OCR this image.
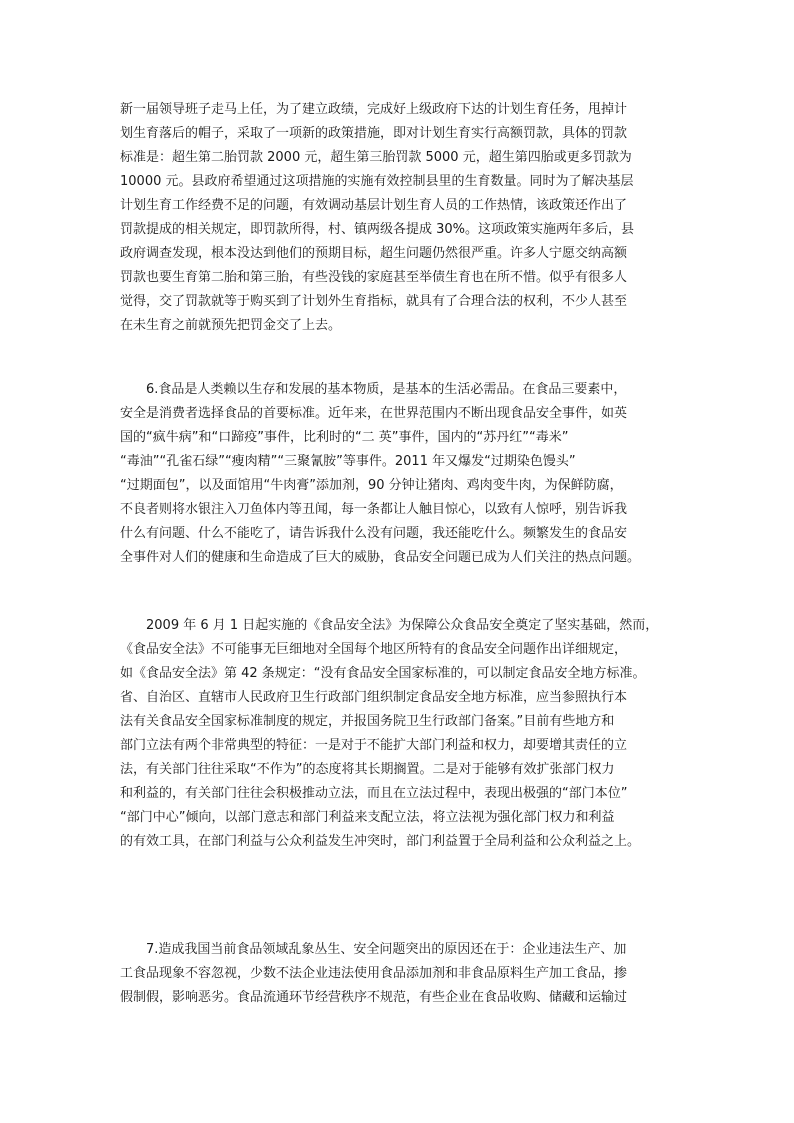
新一届领导班子走马上任，为了建立政绩，完成好上级政府下达的计划生育任务，甩掉计
划生育落后的帽子，采取了一项新的政策措施，即对计划生育实行高额罚款，具体的罚款
标准是：超生第二胎罚款 2000 元，超生第三胎罚款 5000 元，超生第四胎或更多罚款为
10000 元。县政府希望通过这项措施的实施有效控制县里的生育数量。同时为了解决基层
计划生育工作经费不足的问题，有效调动基层计划生育人员的工作热情，该政策还作出了
罚款提成的相关规定，即罚款所得，村、镇两级各提成 30%。这项政策实施两年多后，县
政府调查发现，根本没达到他们的预期目标，超生问题仍然很严重。许多人宁愿交纳高额
罚款也要生育第二胎和第三胎，有些没钱的家庭甚至举债生育也在所不惜。似乎有很多人
觉得，交了罚款就等于购买到了计划外生育指标，就具有了合理合法的权利，不少人甚至
在未生育之前就预先把罚金交了上去。
6.食品是人类赖以生存和发展的基本物质，是基本的生活必需品。在食品三要素中，
安全是消费者选择食品的首要标准。近年来，在世界范围内不断出现食品安全事件，如英
国的“疯牛病”和“口蹄疫”事件，比利时的“二 英”事件，国内的“苏丹红”“毒米”
“毒油”“孔雀石绿”“瘦肉精”“三聚氰胺”等事件。2011 年又爆发“过期染色馒头”
“过期面包”，以及面馆用“牛肉膏”添加剂，90 分钟让猪肉、鸡肉变牛肉，为保鲜防腐，
不良者则将水银注入刀鱼体内等丑闻，每一条都让人触目惊心，以致有人惊呼，别告诉我
什么有问题、什么不能吃了，请告诉我什么没有问题，我还能吃什么。频繁发生的食品安
全事件对人们的健康和生命造成了巨大的威胁，食品安全问题已成为人们关注的热点问题。
2009 年 6 月 1 日起实施的《食品安全法》为保障公众食品安全奠定了坚实基础，然而，
《食品安全法》不可能事无巨细地对全国每个地区所特有的食品安全问题作出详细规定，
如《食品安全法》第 42 条规定：“没有食品安全国家标准的，可以制定食品安全地方标准。
省、自治区、直辖市人民政府卫生行政部门组织制定食品安全地方标准，应当参照执行本
法有关食品安全国家标准制度的规定，并报国务院卫生行政部门备案。”目前有些地方和
部门立法有两个非常典型的特征：一是对于不能扩大部门利益和权力，却要增其责任的立
法，有关部门往往采取“不作为”的态度将其长期搁置。二是对于能够有效扩张部门权力
和利益的，有关部门往往会积极推动立法，而且在立法过程中，表现出极强的“部门本位”
“部门中心”倾向，以部门意志和部门利益来支配立法，将立法视为强化部门权力和利益
的有效工具，在部门利益与公众利益发生冲突时，部门利益置于全局利益和公众利益之上。
7.造成我国当前食品领域乱象丛生、安全问题突出的原因还在于：企业违法生产、加
工食品现象不容忽视，少数不法企业违法使用食品添加剂和非食品原料生产加工食品，掺
假制假，影响恶劣。食品流通环节经营秩序不规范，有些企业在食品收购、储藏和运输过
